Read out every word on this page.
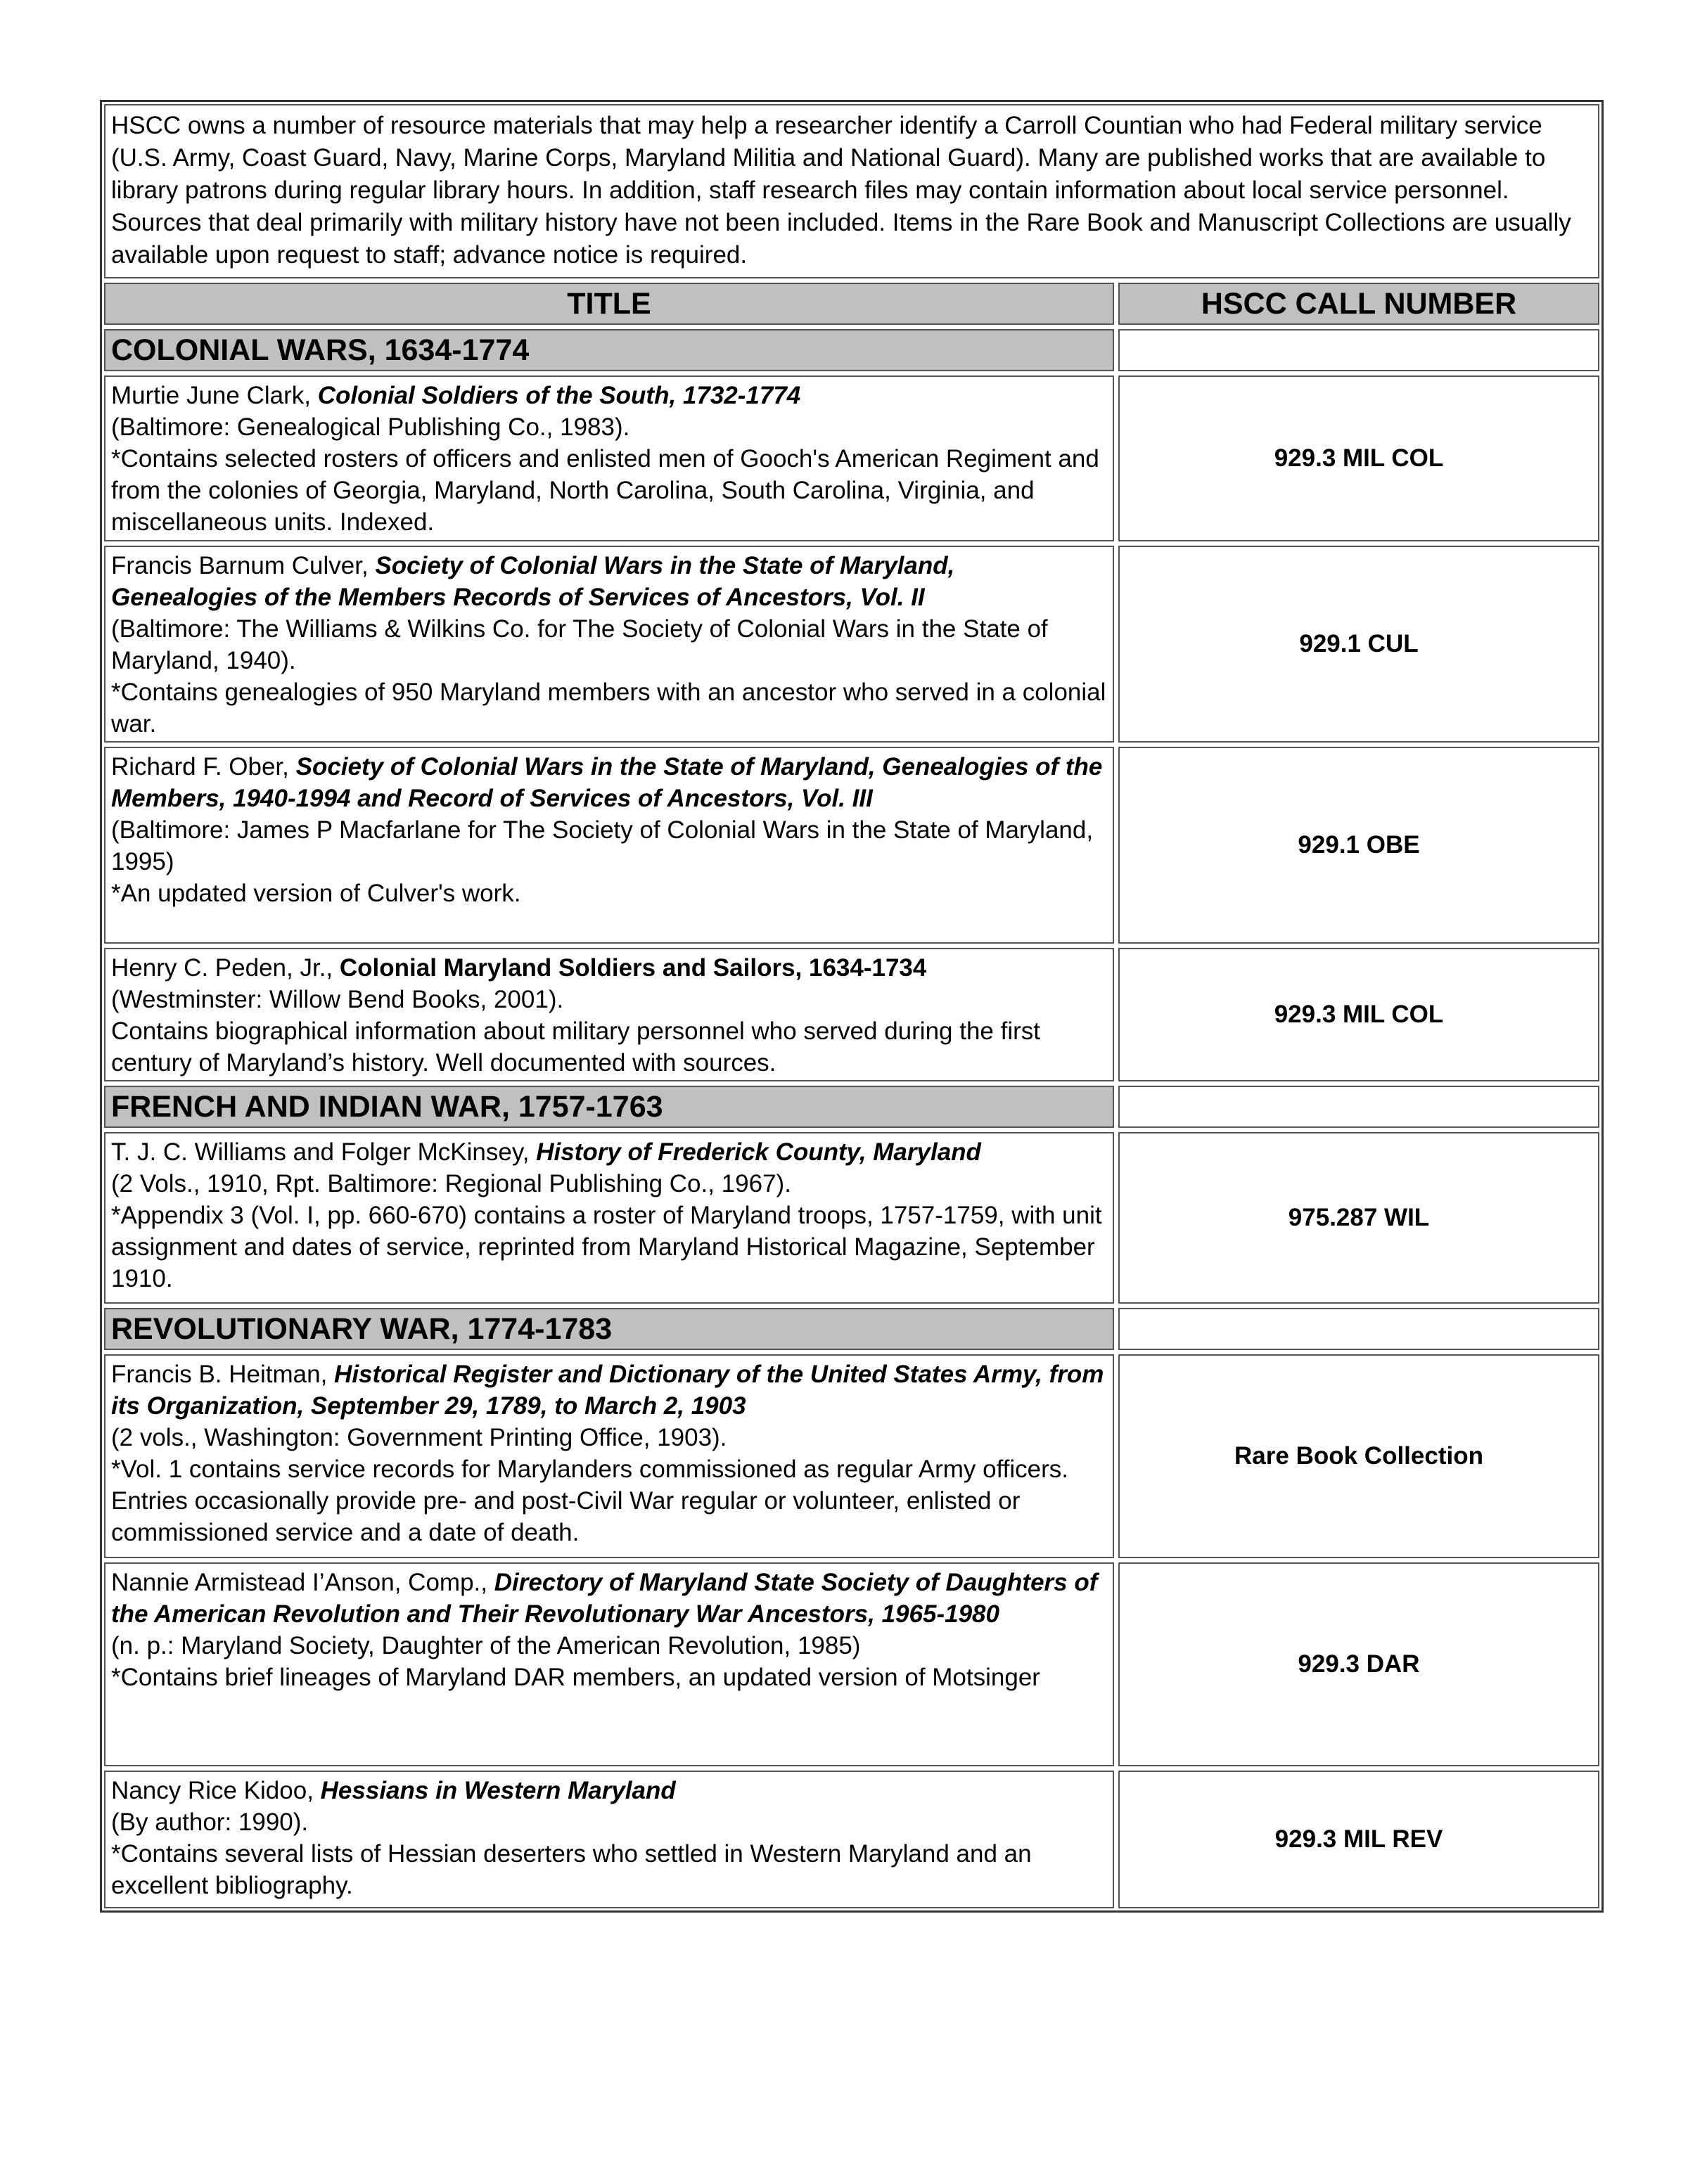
HSCC owns a number of resource materials that may help a researcher identify a Carroll Countian who had Federal military service (U.S. Army, Coast Guard, Navy, Marine Corps, Maryland Militia and National Guard). Many are published works that are available to library patrons during regular library hours. In addition, staff research files may contain information about local service personnel. Sources that deal primarily with military history have not been included. Items in the Rare Book and Manuscript Collections are usually available upon request to staff; advance notice is required.
TITLE	HSCC CALL NUMBER
COLONIAL WARS, 1634-1774

Murtie June Clark, Colonial Soldiers of the South, 1732-1774

(Baltimore: Genealogical Publishing Co., 1983).

*Contains selected rosters of officers and enlisted men of Gooch's American Regiment and from the colonies of Georgia, Maryland, North Carolina, South Carolina, Virginia, and miscellaneous units. Indexed.

929.3 MIL COL

Francis Barnum Culver, Society of Colonial Wars in the State of Maryland, Genealogies of the Members Records of Services of Ancestors, Vol. II

(Baltimore: The Williams & Wilkins Co. for The Society of Colonial Wars in the State of Maryland, 1940).

*Contains genealogies of 950 Maryland members with an ancestor who served in a colonial war.

929.1 CUL

Richard F. Ober, Society of Colonial Wars in the State of Maryland, Genealogies of the Members, 1940-1994 and Record of Services of Ancestors, Vol. III

(Baltimore: James P Macfarlane for The Society of Colonial Wars in the State of Maryland, 1995)

*An updated version of Culver's work.

929.1 OBE

Henry C. Peden, Jr., Colonial Maryland Soldiers and Sailors, 1634-1734

(Westminster: Willow Bend Books, 2001).

Contains biographical information about military personnel who served during the first century of Maryland’s history. Well documented with sources.

929.3 MIL COL
FRENCH AND INDIAN WAR, 1757-1763

T. J. C. Williams and Folger McKinsey, History of Frederick County, Maryland

(2 Vols., 1910, Rpt. Baltimore: Regional Publishing Co., 1967).

*Appendix 3 (Vol. I, pp. 660-670) contains a roster of Maryland troops, 1757-1759, with unit assignment and dates of service, reprinted from Maryland Historical Magazine, September 1910.

975.287 WIL
REVOLUTIONARY WAR, 1774-1783

Francis B. Heitman, Historical Register and Dictionary of the United States Army, from its Organization, September 29, 1789, to March 2, 1903

(2 vols., Washington: Government Printing Office, 1903).

*Vol. 1 contains service records for Marylanders commissioned as regular Army officers. Entries occasionally provide pre- and post-Civil War regular or volunteer, enlisted or commissioned service and a date of death.

Rare Book Collection

Nannie Armistead I’Anson, Comp., Directory of Maryland State Society of Daughters of the American Revolution and Their Revolutionary War Ancestors, 1965-1980

(n. p.: Maryland Society, Daughter of the American Revolution, 1985)

*Contains brief lineages of Maryland DAR members, an updated version of Motsinger	929.3 DAR

Nancy Rice Kidoo, Hessians in Western Maryland

(By author: 1990).

*Contains several lists of Hessian deserters who settled in Western Maryland and an excellent bibliography.

929.3 MIL REV
